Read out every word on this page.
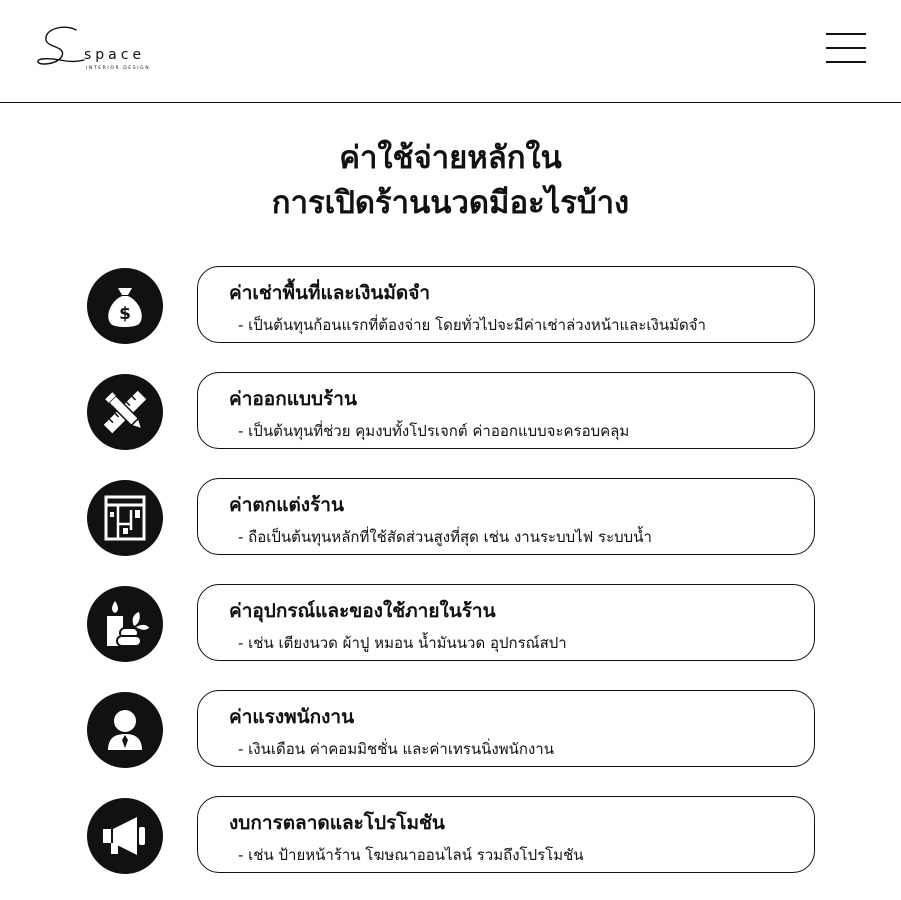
space
INTERIOR DESIGN
ค่าใช้จ่ายหลักใน
การเปิดร้านนวดมีอะไรบ้าง
$
ค่าเช่าพื้นที่และเงินมัดจำ
- เป็นต้นทุนก้อนแรกที่ต้องจ่าย โดยทั่วไปจะมีค่าเช่าล่วงหน้าและเงินมัดจำ
ค่าออกแบบร้าน
- เป็นต้นทุนที่ช่วย คุมงบทั้งโปรเจกต์ ค่าออกแบบจะครอบคลุม
ค่าตกแต่งร้าน
- ถือเป็นต้นทุนหลักที่ใช้สัดส่วนสูงที่สุด เช่น งานระบบไฟ ระบบน้ำ
ค่าอุปกรณ์และของใช้ภายในร้าน
- เช่น เตียงนวด ผ้าปู หมอน น้ำมันนวด อุปกรณ์สปา
ค่าแรงพนักงาน
- เงินเดือน ค่าคอมมิชชั่น และค่าเทรนนิ่งพนักงาน
งบการตลาดและโปรโมชัน
- เช่น ป้ายหน้าร้าน โฆษณาออนไลน์ รวมถึงโปรโมชัน
